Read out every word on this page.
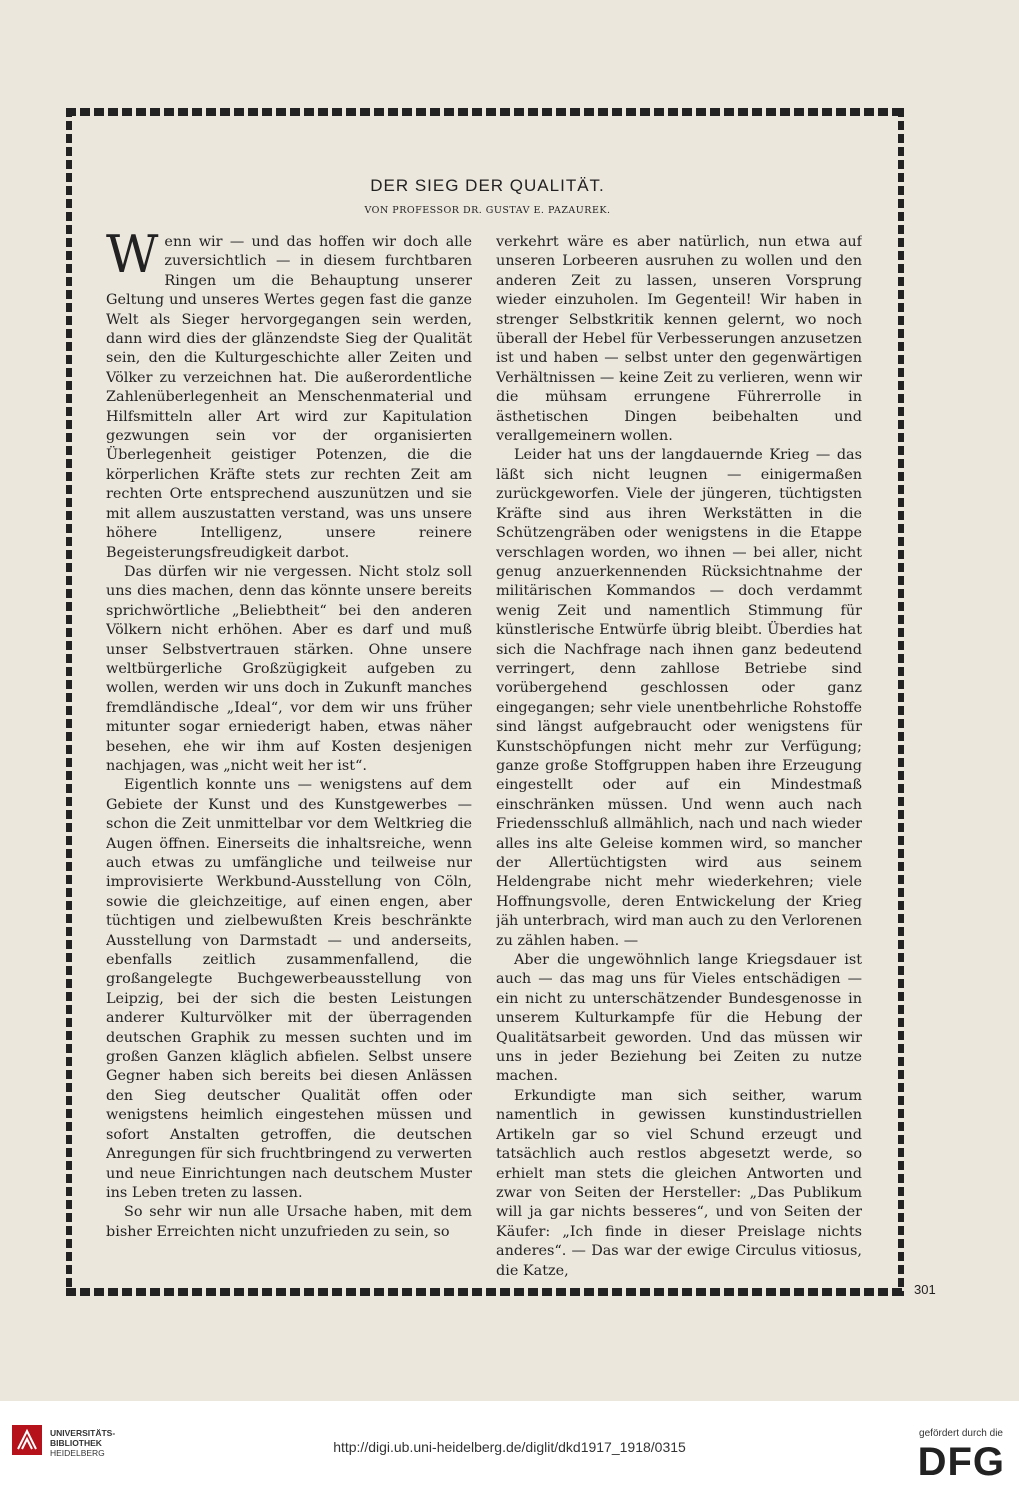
DER SIEG DER QUALITÄT.
VON PROFESSOR DR. GUSTAV E. PAZAUREK.

Wenn wir — und das hoffen wir doch alle zuversichtlich — in diesem furchtbaren Ringen um die Behauptung unserer Geltung und unseres Wertes gegen fast die ganze Welt als Sieger hervorgegangen sein werden, dann wird dies der glänzendste Sieg der Qualität sein, den die Kulturgeschichte aller Zeiten und Völker zu verzeichnen hat. Die außerordentliche Zahlenüberlegenheit an Menschenmaterial und Hilfsmitteln aller Art wird zur Kapitulation gezwungen sein vor der organisierten Überlegenheit geistiger Potenzen, die die körperlichen Kräfte stets zur rechten Zeit am rechten Orte entsprechend auszunützen und sie mit allem auszustatten verstand, was uns unsere höhere Intelligenz, unsere reinere Begeisterungsfreudigkeit darbot.

Das dürfen wir nie vergessen. Nicht stolz soll uns dies machen, denn das könnte unsere bereits sprichwörtliche „Beliebtheit“ bei den anderen Völkern nicht erhöhen. Aber es darf und muß unser Selbstvertrauen stärken. Ohne unsere weltbürgerliche Großzügigkeit aufgeben zu wollen, werden wir uns doch in Zukunft manches fremdländische „Ideal“, vor dem wir uns früher mitunter sogar erniederigt haben, etwas näher besehen, ehe wir ihm auf Kosten desjenigen nachjagen, was „nicht weit her ist“.

Eigentlich konnte uns — wenigstens auf dem Gebiete der Kunst und des Kunstgewerbes — schon die Zeit unmittelbar vor dem Weltkrieg die Augen öffnen. Einerseits die inhaltsreiche, wenn auch etwas zu umfängliche und teilweise nur improvisierte Werkbund-Ausstellung von Cöln, sowie die gleichzeitige, auf einen engen, aber tüchtigen und zielbewußten Kreis beschränkte Ausstellung von Darmstadt — und anderseits, ebenfalls zeitlich zusammenfallend, die großangelegte Buchgewerbeausstellung von Leipzig, bei der sich die besten Leistungen anderer Kulturvölker mit der überragenden deutschen Graphik zu messen suchten und im großen Ganzen kläglich abfielen. Selbst unsere Gegner haben sich bereits bei diesen Anlässen den Sieg deutscher Qualität offen oder wenigstens heimlich eingestehen müssen und sofort Anstalten getroffen, die deutschen Anregungen für sich fruchtbringend zu verwerten und neue Einrichtungen nach deutschem Muster ins Leben treten zu lassen.

So sehr wir nun alle Ursache haben, mit dem bisher Erreichten nicht unzufrieden zu sein, so

verkehrt wäre es aber natürlich, nun etwa auf unseren Lorbeeren ausruhen zu wollen und den anderen Zeit zu lassen, unseren Vorsprung wieder einzuholen. Im Gegenteil! Wir haben in strenger Selbstkritik kennen gelernt, wo noch überall der Hebel für Verbesserungen anzusetzen ist und haben — selbst unter den gegenwärtigen Verhältnissen — keine Zeit zu verlieren, wenn wir die mühsam errungene Führerrolle in ästhetischen Dingen beibehalten und verallgemeinern wollen.

Leider hat uns der langdauernde Krieg — das läßt sich nicht leugnen — einigermaßen zurückgeworfen. Viele der jüngeren, tüchtigsten Kräfte sind aus ihren Werkstätten in die Schützengräben oder wenigstens in die Etappe verschlagen worden, wo ihnen — bei aller, nicht genug anzuerkennenden Rücksichtnahme der militärischen Kommandos — doch verdammt wenig Zeit und namentlich Stimmung für künstlerische Entwürfe übrig bleibt. Überdies hat sich die Nachfrage nach ihnen ganz bedeutend verringert, denn zahllose Betriebe sind vorübergehend geschlossen oder ganz eingegangen; sehr viele unentbehrliche Rohstoffe sind längst aufgebraucht oder wenigstens für Kunstschöpfungen nicht mehr zur Verfügung; ganze große Stoffgruppen haben ihre Erzeugung eingestellt oder auf ein Mindestmaß einschränken müssen. Und wenn auch nach Friedensschluß allmählich, nach und nach wieder alles ins alte Geleise kommen wird, so mancher der Allertüchtigsten wird aus seinem Heldengrabe nicht mehr wiederkehren; viele Hoffnungsvolle, deren Entwickelung der Krieg jäh unterbrach, wird man auch zu den Verlorenen zu zählen haben. —

Aber die ungewöhnlich lange Kriegsdauer ist auch — das mag uns für Vieles entschädigen — ein nicht zu unterschätzender Bundesgenosse in unserem Kulturkampfe für die Hebung der Qualitätsarbeit geworden. Und das müssen wir uns in jeder Beziehung bei Zeiten zu nutze machen.

Erkundigte man sich seither, warum namentlich in gewissen kunstindustriellen Artikeln gar so viel Schund erzeugt und tatsächlich auch restlos abgesetzt werde, so erhielt man stets die gleichen Antworten und zwar von Seiten der Hersteller: „Das Publikum will ja gar nichts besseres“, und von Seiten der Käufer: „Ich finde in dieser Preislage nichts anderes“. — Das war der ewige Circulus vitiosus, die Katze,

301
UNIVERSITÄTS-
BIBLIOTHEK
HEIDELBERG	http://digi.ub.uni-heidelberg.de/diglit/dkd1917_1918/0315
gefördert durch die
DFG
